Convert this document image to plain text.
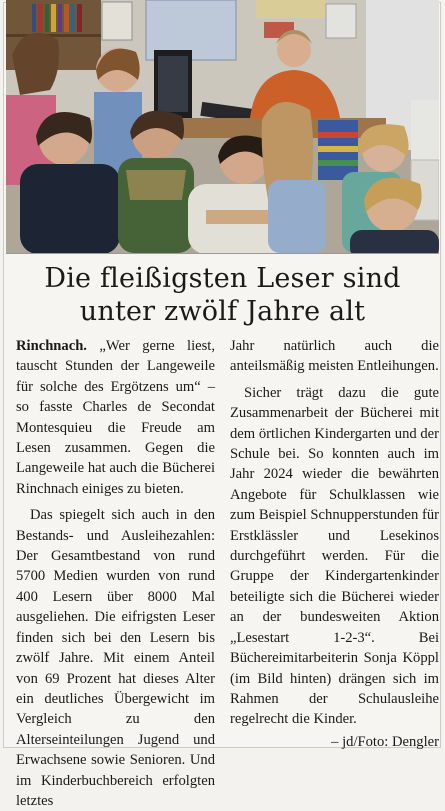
Die fleißigsten Leser sind
unter zwölf Jahre alt

Rinchnach. „Wer gerne liest, tauscht Stunden der Langeweile für solche des Ergötzens um“ – so fasste Charles de Secondat Montesquieu die Freude am Lesen zusammen. Gegen die Langeweile hat auch die Bücherei Rinchnach einiges zu bieten.

Das spiegelt sich auch in den Bestands- und Ausleihezahlen: Der Gesamtbestand von rund 5700 Medien wurden von rund 400 Lesern über 8000 Mal ausgeliehen. Die eifrigsten Leser finden sich bei den Lesern bis zwölf Jahre. Mit einem Anteil von 69 Prozent hat dieses Alter ein deutliches Übergewicht im Vergleich zu den Alterseinteilungen Jugend und Erwachsene sowie Senioren. Und im Kinderbuchbereich erfolgten letztes

Jahr natürlich auch die anteilsmäßig meisten Entleihungen.

Sicher trägt dazu die gute Zusammenarbeit der Bücherei mit dem örtlichen Kindergarten und der Schule bei. So konnten auch im Jahr 2024 wieder die bewährten Angebote für Schulklassen wie zum Beispiel Schnupperstunden für Erstklässler und Lesekinos durchgeführt werden. Für die Gruppe der Kindergartenkinder beteiligte sich die Bücherei wieder an der bundesweiten Aktion „Lesestart 1-2-3“. Bei Büchereimitarbeiterin Sonja Köppl (im Bild hinten) drängen sich im Rahmen der Schulausleihe regelrecht die Kinder.

– jd/Foto: Dengler
